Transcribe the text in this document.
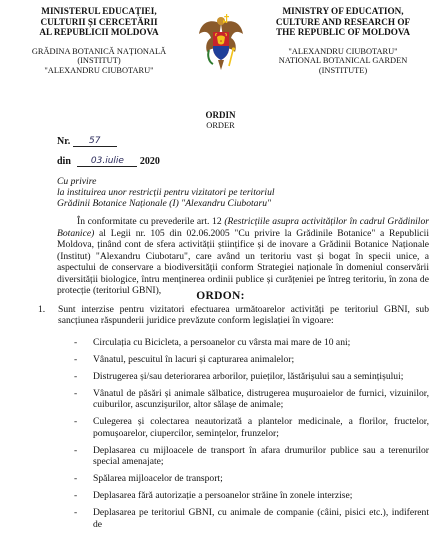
MINISTERUL EDUCAȚIEI,
CULTURII ȘI CERCETĂRII
AL REPUBLICII MOLDOVA
GRĂDINA BOTANICĂ NAȚIONALĂ
(INSTITUT)
"ALEXANDRU CIUBOTARU"
MINISTRY OF EDUCATION,
CULTURE AND RESEARCH OF
THE REPUBLIC OF MOLDOVA
"ALEXANDRU CIUBOTARU"
NATIONAL BOTANICAL GARDEN
(INSTITUTE)
ORDIN
ORDER
Nr. 57
din 03.iulie 2020
Cu privire
la instituirea unor restricții pentru vizitatori pe teritoriul
Grădinii Botanice Naționale (I) "Alexandru Ciubotaru"
În conformitate cu prevederile art. 12 (Restricțiile asupra activităților în cadrul Grădinilor Botanice) al Legii nr. 105 din 02.06.2005 "Cu privire la Grădinile Botanice" a Republicii Moldova, ținând cont de sfera activității științifice și de inovare a Grădinii Botanice Naționale (Institut) "Alexandru Ciubotaru", care având un teritoriu vast și bogat în specii unice, a aspectului de conservare a biodiversității conform Strategiei naționale în domeniul conservării diversității biologice, întru menținerea ordinii publice și curățeniei pe întreg teritoriu, în zona de protecție (teritoriul GBNI),	ORDON:
1. Sunt interzise pentru vizitatori efectuarea următoarelor activități pe teritoriul GBNI, sub sancțiunea răspunderii juridice prevăzute conform legislației în vigoare:
- Circulația cu Bicicleta, a persoanelor cu vârsta mai mare de 10 ani;
- Vânatul, pescuitul în lacuri și capturarea animalelor;
- Distrugerea și/sau deteriorarea arborilor, puieților, lăstărișului sau a semințișului;
- Vânatul de păsări și animale sălbatice, distrugerea mușuroaielor de furnici, vizuinilor, cuiburilor, ascunzișurilor, altor sălașe de animale;
- Culegerea și colectarea neautorizată a plantelor medicinale, a florilor, fructelor, pomușoarelor, ciupercilor, semințelor, frunzelor;
- Deplasarea cu mijloacele de transport în afara drumurilor publice sau a terenurilor special amenajate;
- Spălarea mijloacelor de transport;
- Deplasarea fără autorizație a persoanelor străine în zonele interzise;
- Deplasarea pe teritoriul GBNI, cu animale de companie (câini, pisici etc.), indiferent de
